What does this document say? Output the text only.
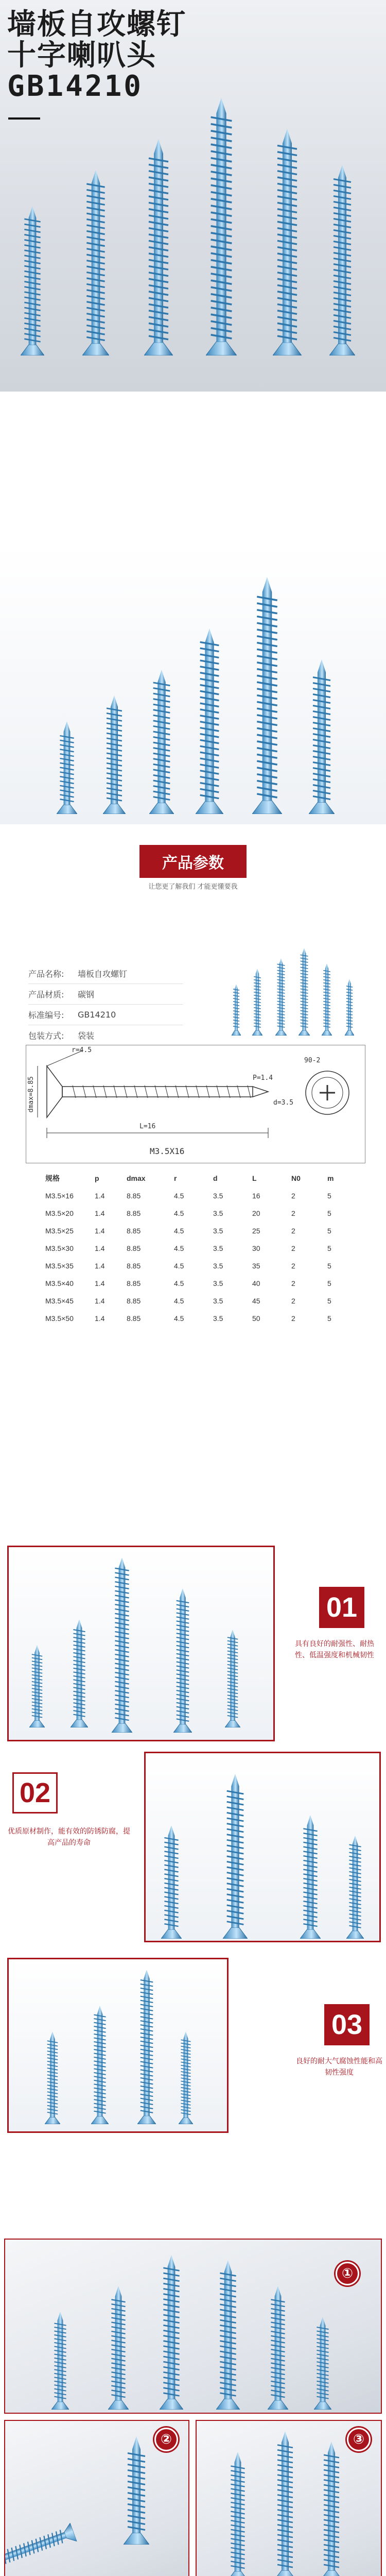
墙板自攻螺钉
十字喇叭头
GB14210
产品参数
让您更了解我们 才能更懂要我
产品名称:	墙板自攻螺钉
产品材质:	碳钢
标准编号:	GB14210
包装方式:	袋装
r=4.5
90-2
P=1.4
d=3.5
L=16
dmax=8.85
M3.5X16
规格	p	dmax	r	d	L	N0	m
M3.5×16	1.4	8.85	4.5	3.5	16	2	5
M3.5×20	1.4	8.85	4.5	3.5	20	2	5
M3.5×25	1.4	8.85	4.5	3.5	25	2	5
M3.5×30	1.4	8.85	4.5	3.5	30	2	5
M3.5×35	1.4	8.85	4.5	3.5	35	2	5
M3.5×40	1.4	8.85	4.5	3.5	40	2	5
M3.5×45	1.4	8.85	4.5	3.5	45	2	5
M3.5×50	1.4	8.85	4.5	3.5	50	2	5
01
具有良好的耐强性、耐热性、低温强度和机械韧性
02
优质原材制作，能有效的防锈防腐，提高产品的寿命
03
良好的耐大气腐蚀性能和高韧性强度
①
②	③
